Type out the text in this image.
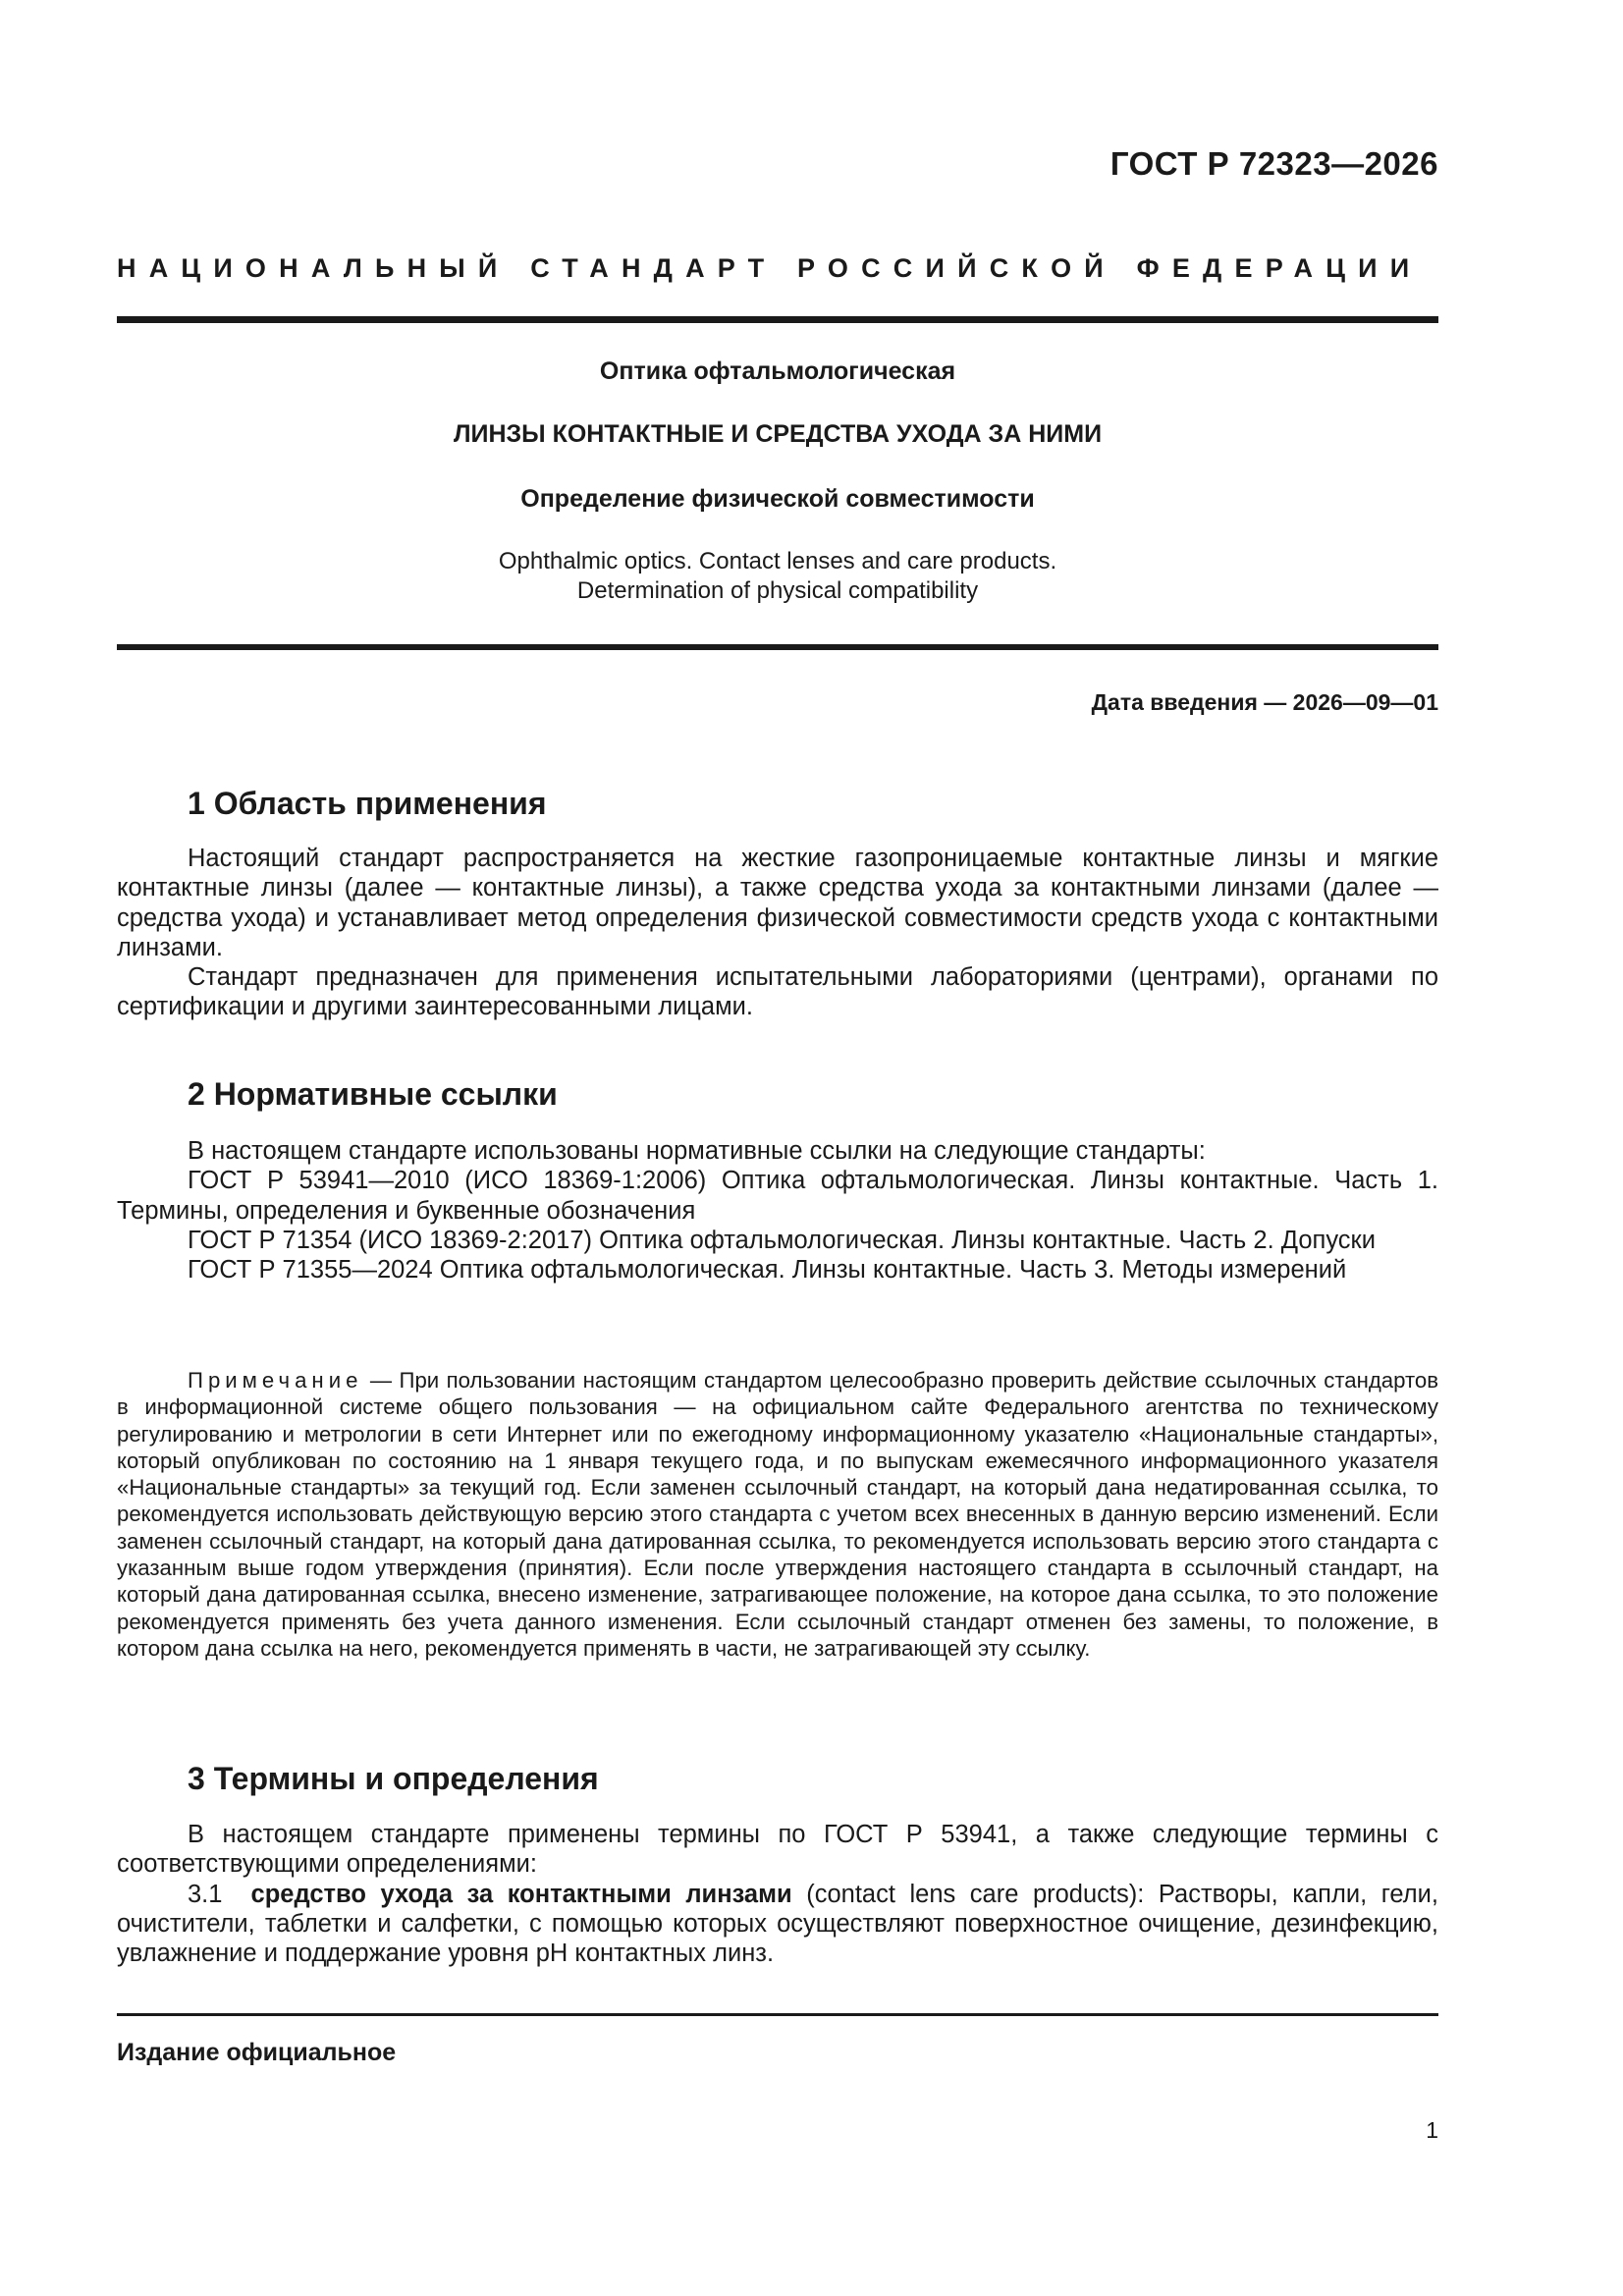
ГОСТ Р 72323—2026
НАЦИОНАЛЬНЫЙ СТАНДАРТ РОССИЙСКОЙ ФЕДЕРАЦИИ
Оптика офтальмологическая
ЛИНЗЫ КОНТАКТНЫЕ И СРЕДСТВА УХОДА ЗА НИМИ
Определение физической совместимости
Ophthalmic optics. Contact lenses and care products.
Determination of physical compatibility
Дата введения — 2026—09—01
1 Область применения

Настоящий стандарт распространяется на жесткие газопроницаемые контактные линзы и мягкие контактные линзы (далее — контактные линзы), а также средства ухода за контактными линзами (далее — средства ухода) и устанавливает метод определения физической совместимости средств ухода с контактными линзами.

Стандарт предназначен для применения испытательными лабораториями (центрами), органами по сертификации и другими заинтересованными лицами.

2 Нормативные ссылки

В настоящем стандарте использованы нормативные ссылки на следующие стандарты:

ГОСТ Р 53941—2010 (ИСО 18369-1:2006) Оптика офтальмологическая. Линзы контактные. Часть 1. Термины, определения и буквенные обозначения

ГОСТ Р 71354 (ИСО 18369-2:2017) Оптика офтальмологическая. Линзы контактные. Часть 2. Допуски

ГОСТ Р 71355—2024 Оптика офтальмологическая. Линзы контактные. Часть 3. Методы измерений

Примечание — При пользовании настоящим стандартом целесообразно проверить действие ссылочных стандартов в информационной системе общего пользования — на официальном сайте Федерального агентства по техническому регулированию и метрологии в сети Интернет или по ежегодному информационному указателю «Национальные стандарты», который опубликован по состоянию на 1 января текущего года, и по выпускам ежемесячного информационного указателя «Национальные стандарты» за текущий год. Если заменен ссылочный стандарт, на который дана недатированная ссылка, то рекомендуется использовать действующую версию этого стандарта с учетом всех внесенных в данную версию изменений. Если заменен ссылочный стандарт, на который дана датированная ссылка, то рекомендуется использовать версию этого стандарта с указанным выше годом утверждения (принятия). Если после утверждения настоящего стандарта в ссылочный стандарт, на который дана датированная ссылка, внесено изменение, затрагивающее положение, на которое дана ссылка, то это положение рекомендуется применять без учета данного изменения. Если ссылочный стандарт отменен без замены, то положение, в котором дана ссылка на него, рекомендуется применять в части, не затрагивающей эту ссылку.

3 Термины и определения

В настоящем стандарте применены термины по ГОСТ Р 53941, а также следующие термины с соответствующими определениями:

3.1 средство ухода за контактными линзами (contact lens care products): Растворы, капли, гели, очистители, таблетки и салфетки, с помощью которых осуществляют поверхностное очищение, дезинфекцию, увлажнение и поддержание уровня pH контактных линз.

Издание официальное
1
